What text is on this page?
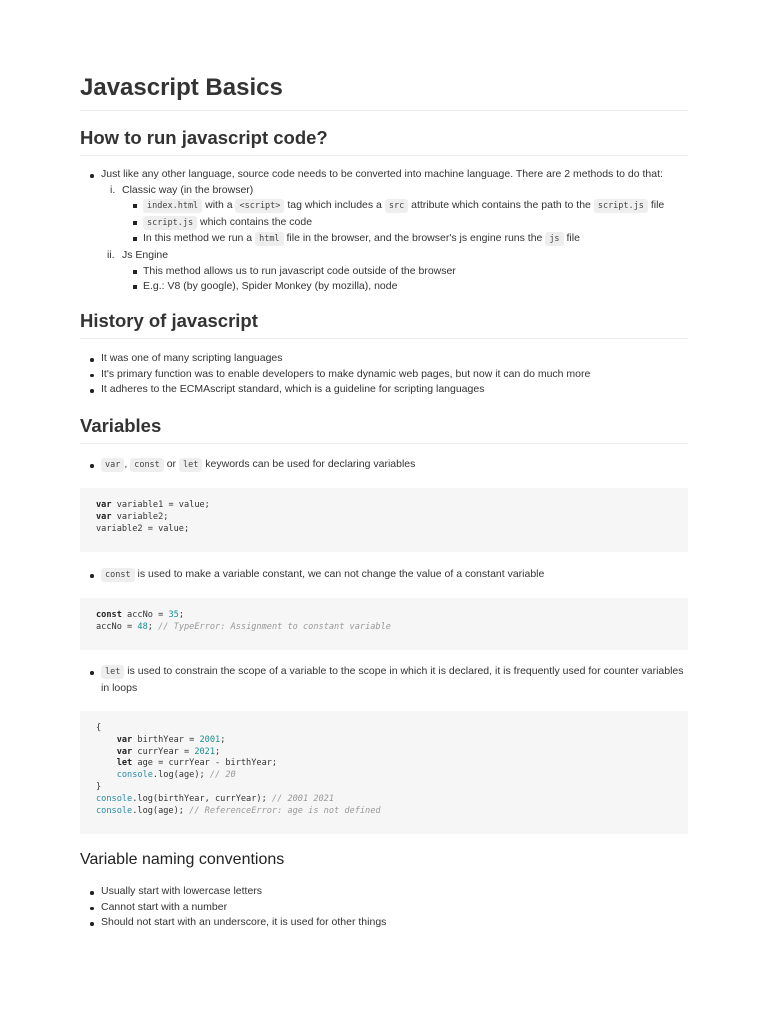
Javascript Basics
How to run javascript code?
Just like any other language, source code needs to be converted into machine language. There are 2 methods to do that:
i. Classic way (in the browser)
index.html with a <script> tag which includes a src attribute which contains the path to the script.js file
script.js which contains the code
In this method we run a html file in the browser, and the browser's js engine runs the js file
ii. Js Engine
This method allows us to run javascript code outside of the browser
E.g.: V8 (by google), Spider Monkey (by mozilla), node
History of javascript
It was one of many scripting languages
It's primary function was to enable developers to make dynamic web pages, but now it can do much more
It adheres to the ECMAscript standard, which is a guideline for scripting languages
Variables
var , const or let keywords can be used for declaring variables
var variable1 = value;
var variable2;
variable2 = value;
const is used to make a variable constant, we can not change the value of a constant variable
const accNo = 35;
accNo = 48; // TypeError: Assignment to constant variable
let is used to constrain the scope of a variable to the scope in which it is declared, it is frequently used for counter variables in loops
{
var birthYear = 2001;
var currYear = 2021;
let age = currYear - birthYear;
console.log(age); // 20
}
console.log(birthYear, currYear); // 2001 2021
console.log(age); // ReferenceError: age is not defined
Variable naming conventions
Usually start with lowercase letters
Cannot start with a number
Should not start with an underscore, it is used for other things
